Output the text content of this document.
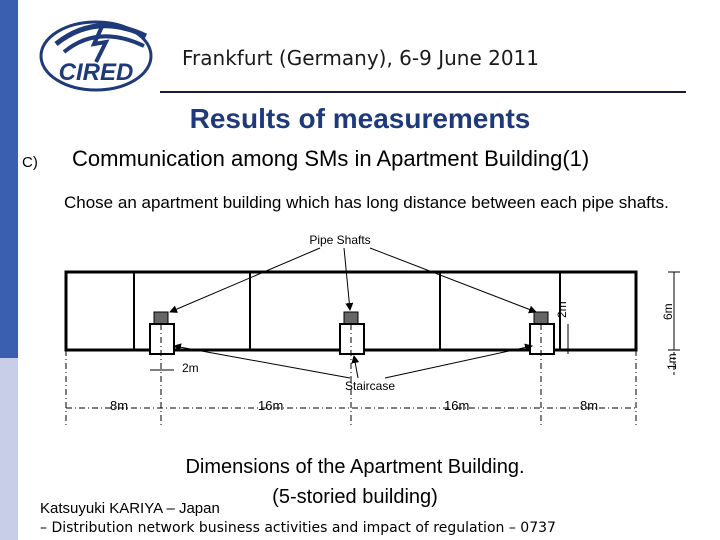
CIRED
Frankfurt (Germany), 6-9 June 2011
Results of measurements
C) Communication among SMs in Apartment Building(1)
Chose an apartment building which has long distance between each pipe shafts.
Pipe Shafts
Staircase
2m
2m	6m
1m
8m	16m	16m	8m
Dimensions of the Apartment Building.
(5-storied building)
Katsuyuki KARIYA – Japan
– Distribution network business activities and impact of regulation – 0737
